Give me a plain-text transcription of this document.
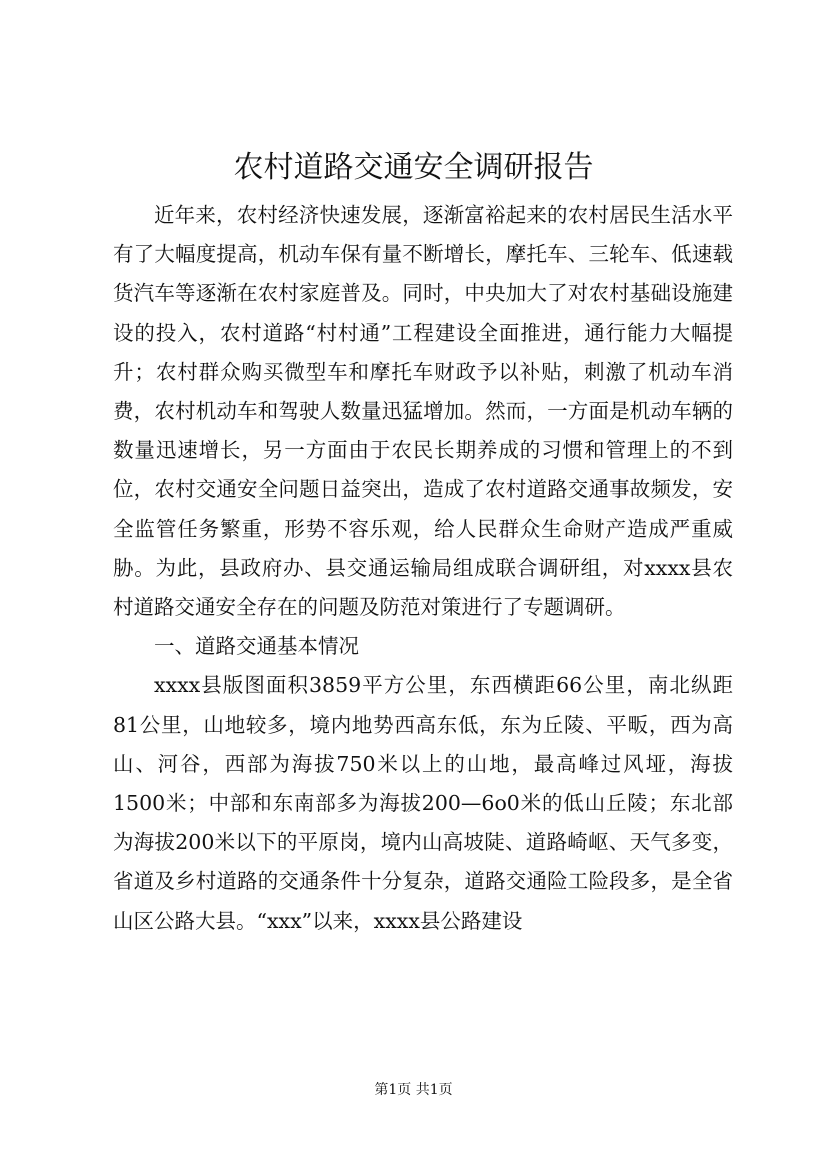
农村道路交通安全调研报告

近年来，农村经济快速发展，逐渐富裕起来的农村居民生活水平有了大幅度提高，机动车保有量不断增长，摩托车、三轮车、低速载货汽车等逐渐在农村家庭普及。同时，中央加大了对农村基础设施建设的投入，农村道路“村村通”工程建设全面推进，通行能力大幅提升；农村群众购买微型车和摩托车财政予以补贴，刺激了机动车消费，农村机动车和驾驶人数量迅猛增加。然而，一方面是机动车辆的数量迅速增长，另一方面由于农民长期养成的习惯和管理上的不到位，农村交通安全问题日益突出，造成了农村道路交通事故频发，安全监管任务繁重，形势不容乐观，给人民群众生命财产造成严重威胁。为此，县政府办、县交通运输局组成联合调研组，对xxxx县农村道路交通安全存在的问题及防范对策进行了专题调研。

一、道路交通基本情况

xxxx县版图面积3859平方公里，东西横距66公里，南北纵距81公里，山地较多，境内地势西高东低，东为丘陵、平畈，西为高山、河谷，西部为海拔750米以上的山地，最高峰过风垭，海拔1500米；中部和东南部多为海拔200—6o0米的低山丘陵；东北部为海拔200米以下的平原岗，境内山高坡陡、道路崎岖、天气多变，省道及乡村道路的交通条件十分复杂，道路交通险工险段多，是全省山区公路大县。“xxx”以来，xxxx县公路建设

第1页 共1页
